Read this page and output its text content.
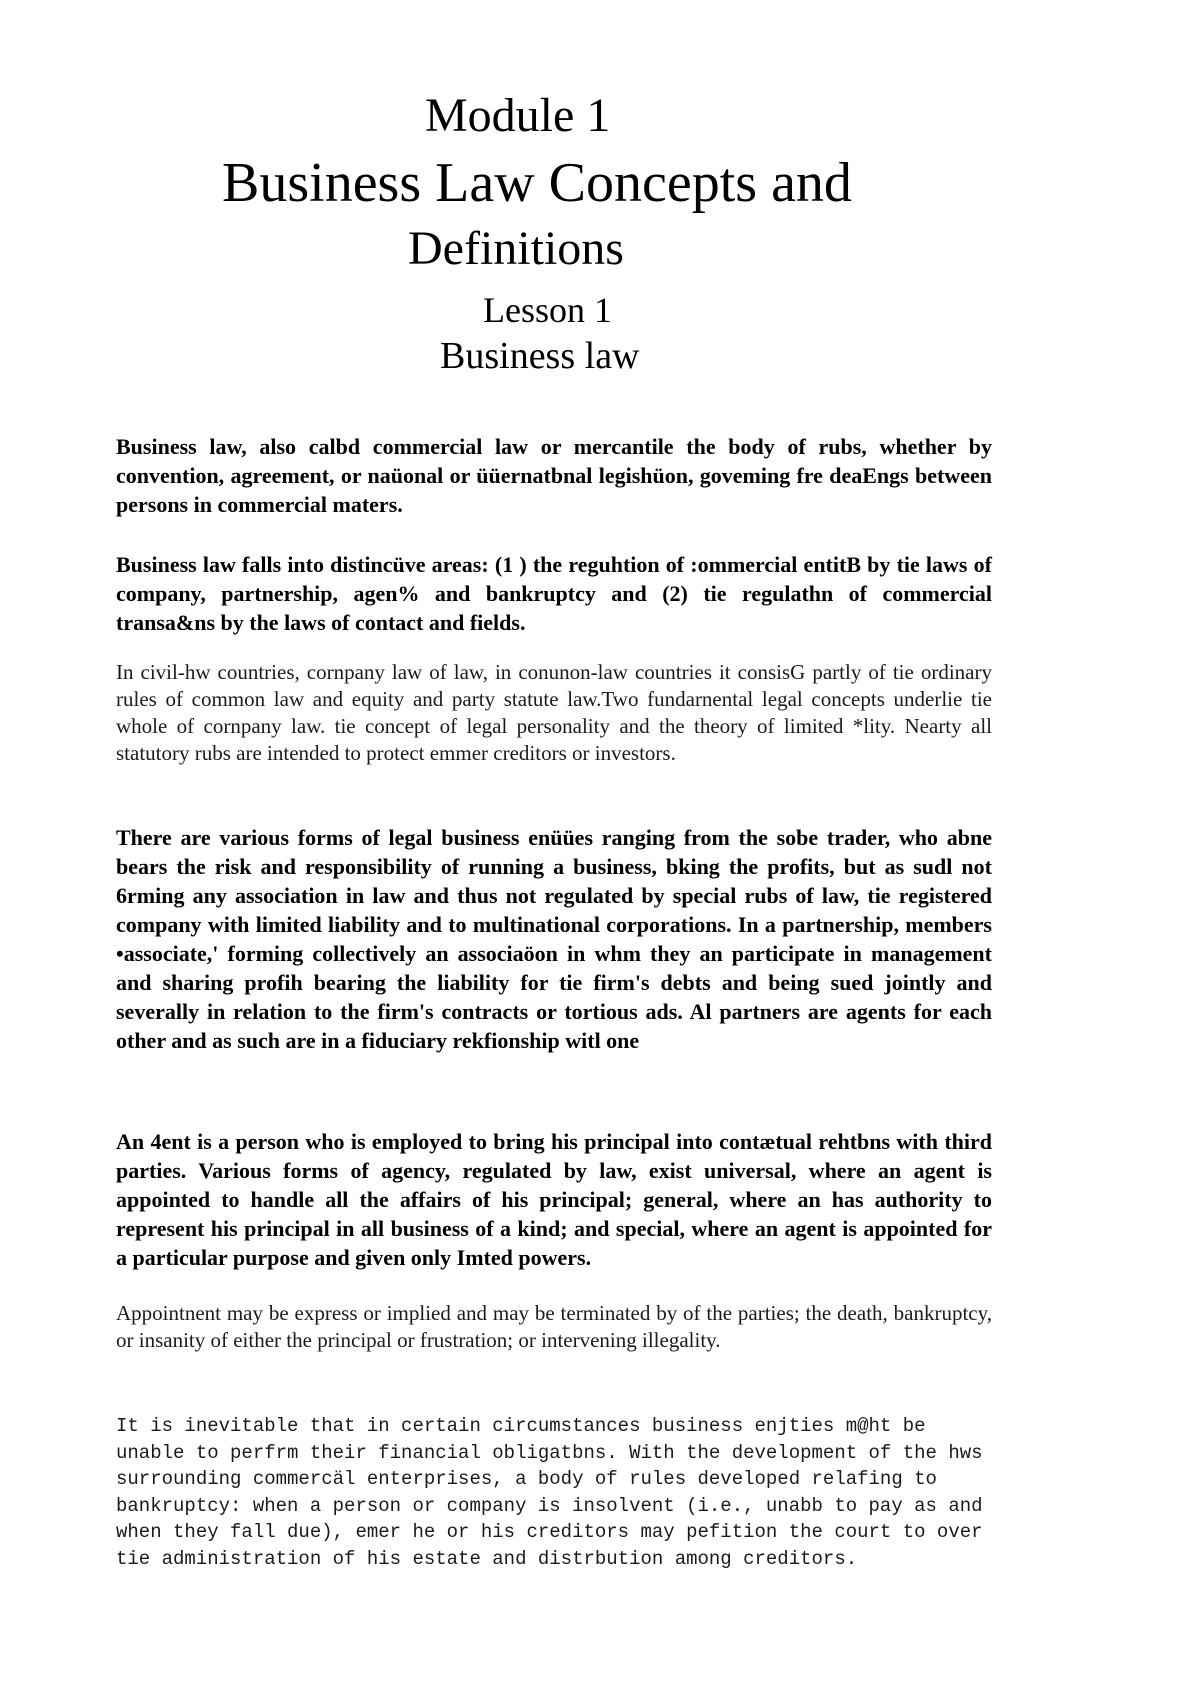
Module 1
Business Law Concepts and
Definitions
Lesson 1
Business law

Business law, also calbd commercial law or mercantile the body of rubs, whether by convention, agreement, or naüonal or üüernatbnal legishüon, goveming fre deaEngs between persons in commercial maters.

Business law falls into distincüve areas: (1 ) the reguhtion of :ommercial entitB by tie laws of company, partnership, agen% and bankruptcy and (2) tie regulathn of commercial transa&ns by the laws of contact and fields.

In civil-hw countries, cornpany law of law, in conunon-law countries it consisG partly of tie ordinary rules of common law and equity and party statute law.Two fundarnental legal concepts underlie tie whole of cornpany law. tie concept of legal personality and the theory of limited *lity. Nearty all statutory rubs are intended to protect emmer creditors or investors.

There are various forms of legal business enüües ranging from the sobe trader, who abne bears the risk and responsibility of running a business, bking the profits, but as sudl not 6rming any association in law and thus not regulated by special rubs of law, tie registered company with limited liability and to multinational corporations. In a partnership, members •associate,' forming collectively an associaöon in whm they an participate in management and sharing profih bearing the liability for tie firm's debts and being sued jointly and severally in relation to the firm's contracts or tortious ads. Al partners are agents for each other and as such are in a fiduciary rekfionship witl one

An 4ent is a person who is employed to bring his principal into contætual rehtbns with third parties. Various forms of agency, regulated by law, exist universal, where an agent is appointed to handle all the affairs of his principal; general, where an has authority to represent his principal in all business of a kind; and special, where an agent is appointed for a particular purpose and given only Imted powers.

Appointnent may be express or implied and may be terminated by of the parties; the death, bankruptcy, or insanity of either the principal or frustration; or intervening illegality.

It is inevitable that in certain circumstances business enjties m@ht be unable to perfrm their financial obligatbns. With the development of the hws surrounding commercäl enterprises, a body of rules developed relafing to bankruptcy: when a person or company is insolvent (i.e., unabb to pay as and when they fall due), emer he or his creditors may pefition the court to over tie administration of his estate and distrbution among creditors.
